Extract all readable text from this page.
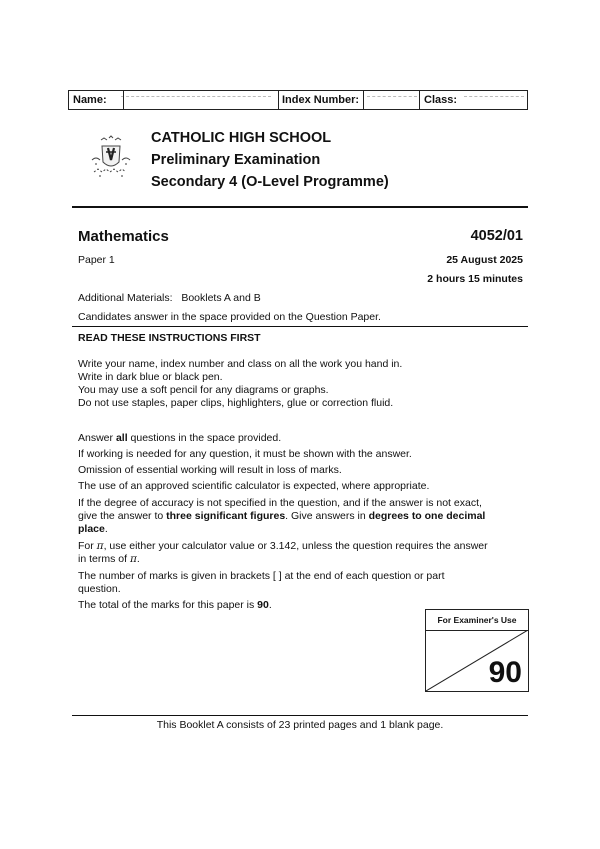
Name:	Index Number:	Class:
CATHOLIC HIGH SCHOOL
Preliminary Examination
Secondary 4 (O-Level Programme)
Mathematics	4052/01
Paper 1	25 August 2025
2 hours 15 minutes
Additional Materials: Booklets A and B
Candidates answer in the space provided on the Question Paper.
READ THESE INSTRUCTIONS FIRST
Write your name, index number and class on all the work you hand in.
Write in dark blue or black pen.
You may use a soft pencil for any diagrams or graphs.
Do not use staples, paper clips, highlighters, glue or correction fluid.
Answer all questions in the space provided.
If working is needed for any question, it must be shown with the answer.
Omission of essential working will result in loss of marks.
The use of an approved scientific calculator is expected, where appropriate.
If the degree of accuracy is not specified in the question, and if the answer is not exact,
give the answer to three significant figures. Give answers in degrees to one decimal
place.
For π, use either your calculator value or 3.142, unless the question requires the answer
in terms of π.
The number of marks is given in brackets [ ] at the end of each question or part
question.
The total of the marks for this paper is 90.
For Examiner's Use
90
This Booklet A consists of 23 printed pages and 1 blank page.
